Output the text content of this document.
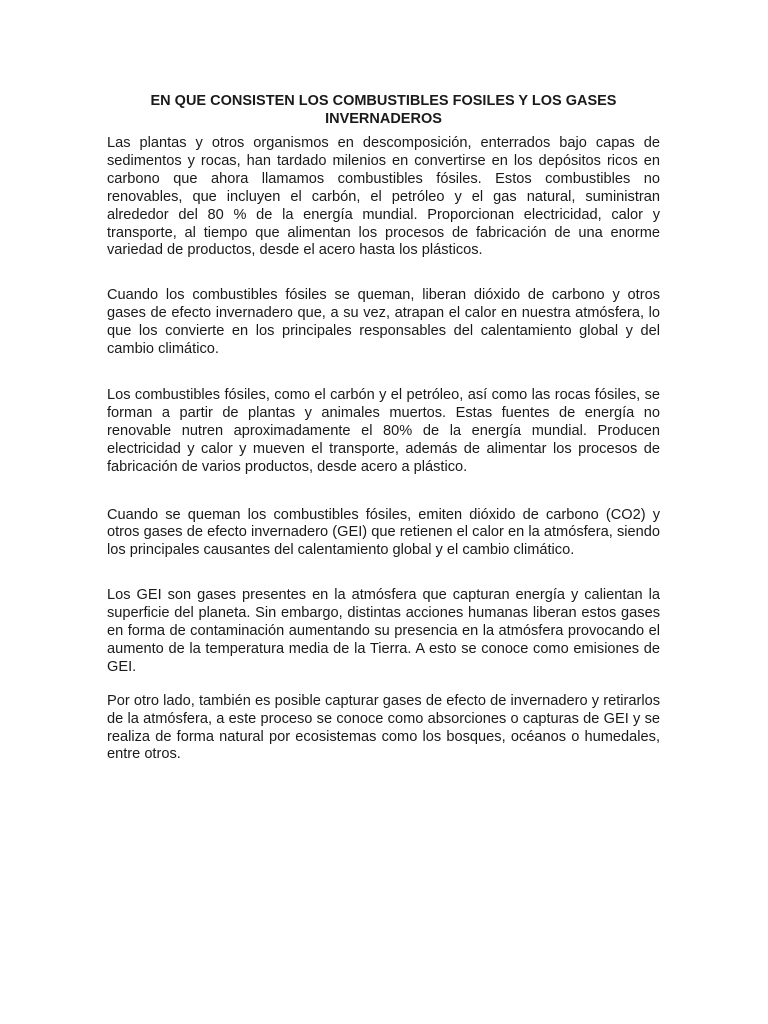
EN QUE CONSISTEN LOS COMBUSTIBLES FOSILES Y LOS GASES INVERNADEROS

Las plantas y otros organismos en descomposición, enterrados bajo capas de sedimentos y rocas, han tardado milenios en convertirse en los depósitos ricos en carbono que ahora llamamos combustibles fósiles. Estos combustibles no renovables, que incluyen el carbón, el petróleo y el gas natural, suministran alrededor del 80 % de la energía mundial. Proporcionan electricidad, calor y transporte, al tiempo que alimentan los procesos de fabricación de una enorme variedad de productos, desde el acero hasta los plásticos.

Cuando los combustibles fósiles se queman, liberan dióxido de carbono y otros gases de efecto invernadero que, a su vez, atrapan el calor en nuestra atmósfera, lo que los convierte en los principales responsables del calentamiento global y del cambio climático.

Los combustibles fósiles, como el carbón y el petróleo, así como las rocas fósiles, se forman a partir de plantas y animales muertos. Estas fuentes de energía no renovable nutren aproximadamente el 80% de la energía mundial. Producen electricidad y calor y mueven el transporte, además de alimentar los procesos de fabricación de varios productos, desde acero a plástico.

Cuando se queman los combustibles fósiles, emiten dióxido de carbono (CO2) y otros gases de efecto invernadero (GEI) que retienen el calor en la atmósfera, siendo los principales causantes del calentamiento global y el cambio climático.

Los GEI son gases presentes en la atmósfera que capturan energía y calientan la superficie del planeta. Sin embargo, distintas acciones humanas liberan estos gases en forma de contaminación aumentando su presencia en la atmósfera provocando el aumento de la temperatura media de la Tierra. A esto se conoce como emisiones de GEI.

Por otro lado, también es posible capturar gases de efecto de invernadero y retirarlos de la atmósfera, a este proceso se conoce como absorciones o capturas de GEI y se realiza de forma natural por ecosistemas como los bosques, océanos o humedales, entre otros.
